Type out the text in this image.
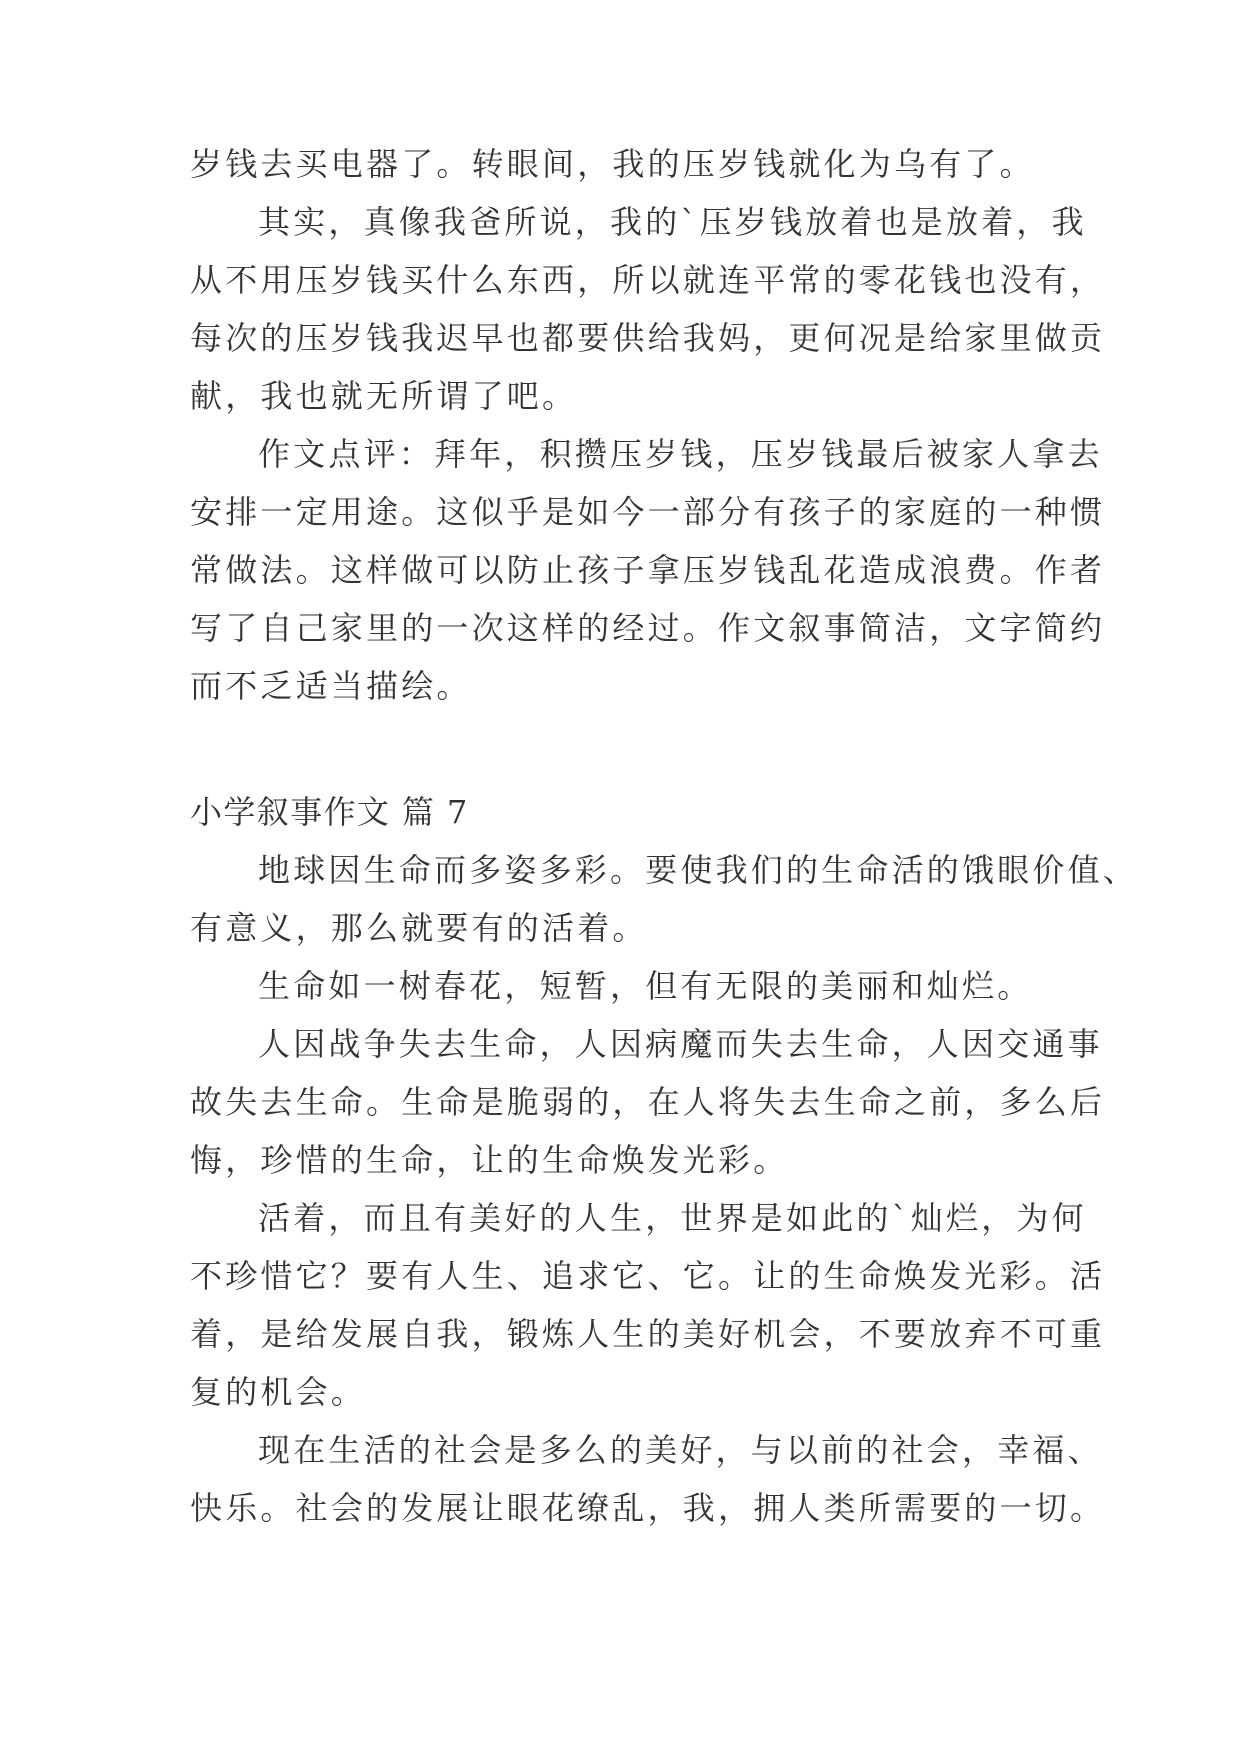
岁钱去买电器了。转眼间，我的压岁钱就化为乌有了。
其实，真像我爸所说，我的`压岁钱放着也是放着，我
从不用压岁钱买什么东西，所以就连平常的零花钱也没有，
每次的压岁钱我迟早也都要供给我妈，更何况是给家里做贡
献，我也就无所谓了吧。
作文点评：拜年，积攒压岁钱，压岁钱最后被家人拿去
安排一定用途。这似乎是如今一部分有孩子的家庭的一种惯
常做法。这样做可以防止孩子拿压岁钱乱花造成浪费。作者
写了自己家里的一次这样的经过。作文叙事简洁，文字简约
而不乏适当描绘。
小学叙事作文 篇 7
地球因生命而多姿多彩。要使我们的生命活的饿眼价值、
有意义，那么就要有的活着。
生命如一树春花，短暂，但有无限的美丽和灿烂。
人因战争失去生命，人因病魔而失去生命，人因交通事
故失去生命。生命是脆弱的，在人将失去生命之前，多么后
悔，珍惜的生命，让的生命焕发光彩。
活着，而且有美好的人生，世界是如此的`灿烂，为何
不珍惜它？要有人生、追求它、它。让的生命焕发光彩。活
着，是给发展自我，锻炼人生的美好机会，不要放弃不可重
复的机会。
现在生活的社会是多么的美好，与以前的社会，幸福、
快乐。社会的发展让眼花缭乱，我，拥人类所需要的一切。
